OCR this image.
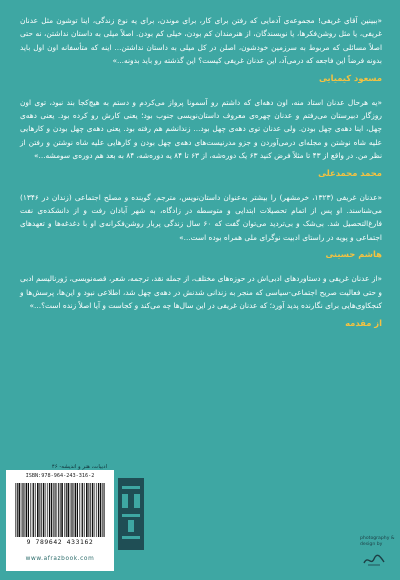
«ببینین آقای غریفی! مجموعه‌ی آدمایی که رفتن برای کار، برای موندن، برای یه نوع زندگی، اینا توشون مثل عدنان غریفی، یا مثل روشن‌فکرها، یا نویسندگان، از هنرمندان کم بودن، خیلی کم بودن. اصلاً میلی به داستان نداشتن، نه حتی اصلاً مسائلی که مربوط به سرزمین خودشون، اصلن در کل میلی به داستان نداشتن... اینه که متأسفانه اون اول باید بدونه فرضاً این فاجعه که درمی‌آد، این عدنان غریفی کیست؟ این گذشته رو باید بدونه...»

مسعود کیمیایی

«یه هرحال عدنان استاد منه، اون دهه‌ای که داشتم رو آسمونا پرواز می‌کردم و دستم به هیچ‌کجا بند نبود، توی اون روزگار دبیرستان می‌رفتم و عدنان چهره‌ی معروف داستان‌نویسی جنوب بود؛ یعنی کارش رو کرده بود. یعنی دهه‌ی چهل، اینا دهه‌ی چهل بودن. ولی عدنان توی دهه‌ی چهل بود... زندانشم هم رفته بود. یعنی دهه‌ی چهل بودن و کارهایی علیه شاه نوشتن و مجله‌ای درمی‌آوردن و جزو مدرنیست‌های دهه‌ی چهل بودن و کارهایی علیه شاه نوشتن و رفتن از نظر من. در واقع از ۴۳ تا مثلاً فرض کنید ۶۳ یک دوره‌شه، از ۶۳ تا ۸۴ یه دوره‌شه، ۸۴ به بعد هم دوره‌ی سومشه...»

محمد محمدعلی

«عدنان غریفی (۱۳۲۳، خرمشهر) را بیشتر به‌عنوان داستان‌نویس، مترجم، گوینده و مصلح اجتماعی (زندان در ۱۳۴۶) می‌شناسند. او پس از اتمام تحصیلات ابتدایی و متوسطه در زادگاه، به شهر آبادان رفت و از دانشکده‌ی نفت فارغ‌التحصیل شد. بی‌شک و بی‌تردید می‌توان گفت که ۶۰ سال زندگی پربار روشن‌فکرانه‌ی او با دغدغه‌ها و تعهدهای اجتماعی و پویه در راستای ادبیت نوگرای ملی همراه بوده است...»

هاشم حسینی

«از عدنان غریفی و دستاوردهای ادبی‌اش در حوزه‌های مختلف، از جمله نقد، ترجمه، شعر، قصه‌نویسی، ژورنالیسم ادبی و حتی فعالیت صریح اجتماعی-سیاسی که منجر به زندانی شدنش در دهه‌ی چهل شد، اطلاعی نبود و این‌ها، پرسش‌ها و کنجکاوی‌هایی برای نگارنده پدید آورد؛ که عدنان غریفی در این سال‌ها چه می‌کند و کجاست و آیا اصلاً زنده است؟...»

از مقدمه

ادبیات، هنر و اندیشه- ۴۶
ISBN:978-964-243-316-2
9 789642 433162
www.afrazbook.com
photography & design by
